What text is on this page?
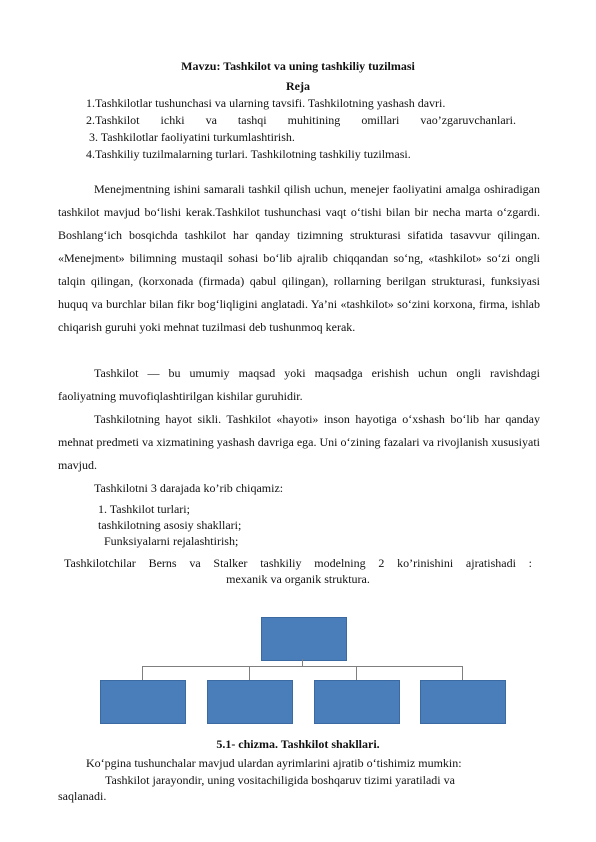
Mavzu: Tashkilot va uning tashkiliy tuzilmasi
Reja
1.Tashkilotlar tushunchasi va ularning tavsifi. Tashkilotning yashash davri.
2.Tashkilot ichki va tashqi muhitining omillari vao’zgaruvchanlari.
3. Tashkilotlar faoliyatini turkumlashtirish.
4.Tashkiliy tuzilmalarning turlari. Tashkilotning tashkiliy tuzilmasi.
Menejmentning ishini samarali tashkil qilish uchun, menejer faoliyatini amalga oshiradigan tashkilot mavjud bo‘lishi kerak.Tashkilot tushunchasi vaqt o‘tishi bilan bir necha marta o‘zgardi. Boshlang‘ich bosqichda tashkilot har qanday tizimning strukturasi sifatida tasavvur qilingan. «Menejment» bilimning mustaqil sohasi bo‘lib ajralib chiqqandan so‘ng, «tashkilot» so‘zi ongli talqin qilingan, (korxonada (firmada) qabul qilingan), rollarning berilgan strukturasi, funksiyasi huquq va burchlar bilan fikr bog‘liqligini anglatadi. Ya’ni «tashkilot» so‘zini korxona, firma, ishlab chiqarish guruhi yoki mehnat tuzilmasi deb tushunmoq kerak.
Tashkilot — bu umumiy maqsad yoki maqsadga erishish uchun ongli ravishdagi faoliyatning muvofiqlashtirilgan kishilar guruhidir.
Tashkilotning hayot sikli. Tashkilot «hayoti» inson hayotiga o‘xshash bo‘lib har qanday mehnat predmeti va xizmatining yashash davriga ega. Uni o‘zining fazalari va rivojlanish xususiyati mavjud.
Tashkilotni 3 darajada ko’rib chiqamiz:
1. Tashkilot turlari;
tashkilotning asosiy shakllari;
Funksiyalarni rejalashtirish;
Tashkilotchilar Berns va Stalker tashkiliy modelning 2 ko’rinishini ajratishadi :
mexanik va organik struktura.
5.1- chizma. Tashkilot shakllari.
Ko‘pgina tushunchalar mavjud ulardan ayrimlarini ajratib o‘tishimiz mumkin:
Tashkilot jarayondir, uning vositachiligida boshqaruv tizimi yaratiladi va
saqlanadi.
